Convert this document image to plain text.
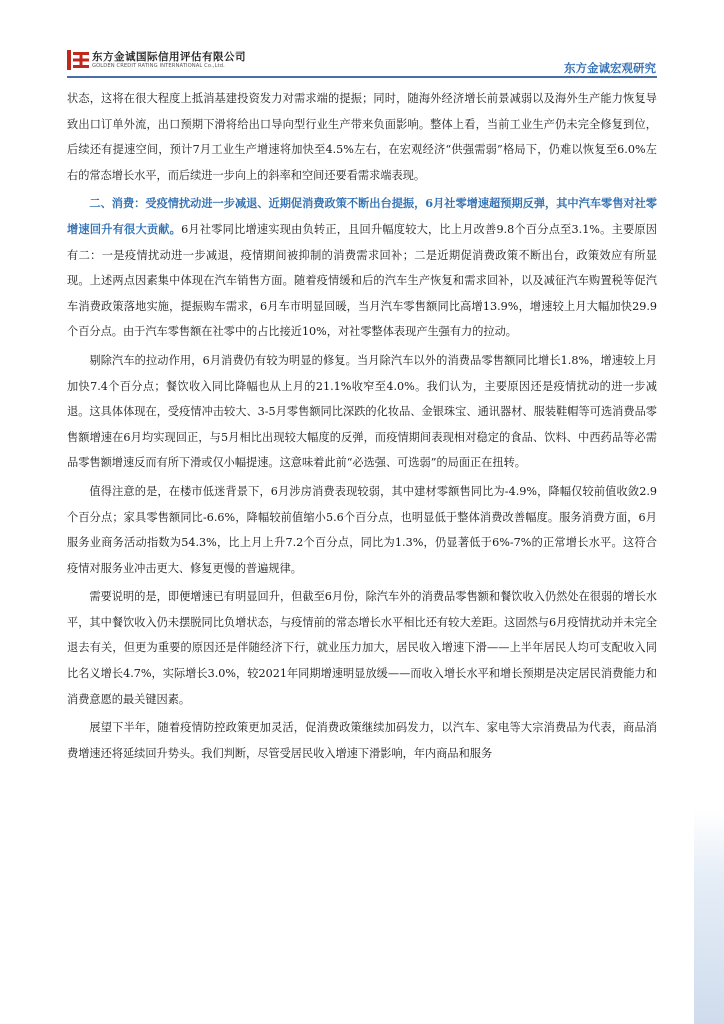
东方金诚国际信用评估有限公司
GOLDEN CREDIT RATING INTERNATIONAL Co.,Ltd.	东方金诚宏观研究

状态，这将在很大程度上抵消基建投资发力对需求端的提振；同时，随海外经济增长前景减弱以及海外生产能力恢复导致出口订单外流，出口预期下滑将给出口导向型行业生产带来负面影响。整体上看，当前工业生产仍未完全修复到位，后续还有提速空间，预计7月工业生产增速将加快至4.5%左右，在宏观经济“供强需弱”格局下，仍难以恢复至6.0%左右的常态增长水平，而后续进一步向上的斜率和空间还要看需求端表现。

二、消费：受疫情扰动进一步减退、近期促消费政策不断出台提振，6月社零增速超预期反弹，其中汽车零售对社零增速回升有很大贡献。6月社零同比增速实现由负转正，且回升幅度较大，比上月改善9.8个百分点至3.1%。主要原因有二：一是疫情扰动进一步减退，疫情期间被抑制的消费需求回补；二是近期促消费政策不断出台，政策效应有所显现。上述两点因素集中体现在汽车销售方面。随着疫情缓和后的汽车生产恢复和需求回补，以及减征汽车购置税等促汽车消费政策落地实施，提振购车需求，6月车市明显回暖，当月汽车零售额同比高增13.9%，增速较上月大幅加快29.9个百分点。由于汽车零售额在社零中的占比接近10%，对社零整体表现产生强有力的拉动。

剔除汽车的拉动作用，6月消费仍有较为明显的修复。当月除汽车以外的消费品零售额同比增长1.8%，增速较上月加快7.4个百分点；餐饮收入同比降幅也从上月的21.1%收窄至4.0%。我们认为，主要原因还是疫情扰动的进一步减退。这具体体现在，受疫情冲击较大、3-5月零售额同比深跌的化妆品、金银珠宝、通讯器材、服装鞋帽等可选消费品零售额增速在6月均实现回正，与5月相比出现较大幅度的反弹，而疫情期间表现相对稳定的食品、饮料、中西药品等必需品零售额增速反而有所下滑或仅小幅提速。这意味着此前“必选强、可选弱”的局面正在扭转。

值得注意的是，在楼市低迷背景下，6月涉房消费表现较弱，其中建材零额售同比为-4.9%，降幅仅较前值收敛2.9个百分点；家具零售额同比-6.6%，降幅较前值缩小5.6个百分点，也明显低于整体消费改善幅度。服务消费方面，6月服务业商务活动指数为54.3%，比上月上升7.2个百分点，同比为1.3%，仍显著低于6%-7%的正常增长水平。这符合疫情对服务业冲击更大、修复更慢的普遍规律。

需要说明的是，即便增速已有明显回升，但截至6月份，除汽车外的消费品零售额和餐饮收入仍然处在很弱的增长水平，其中餐饮收入仍未摆脱同比负增状态，与疫情前的常态增长水平相比还有较大差距。这固然与6月疫情扰动并未完全退去有关，但更为重要的原因还是伴随经济下行，就业压力加大，居民收入增速下滑——上半年居民人均可支配收入同比名义增长4.7%，实际增长3.0%，较2021年同期增速明显放缓——而收入增长水平和增长预期是决定居民消费能力和消费意愿的最关键因素。

展望下半年，随着疫情防控政策更加灵活，促消费政策继续加码发力，以汽车、家电等大宗消费品为代表，商品消费增速还将延续回升势头。我们判断，尽管受居民收入增速下滑影响，年内商品和服务

3
